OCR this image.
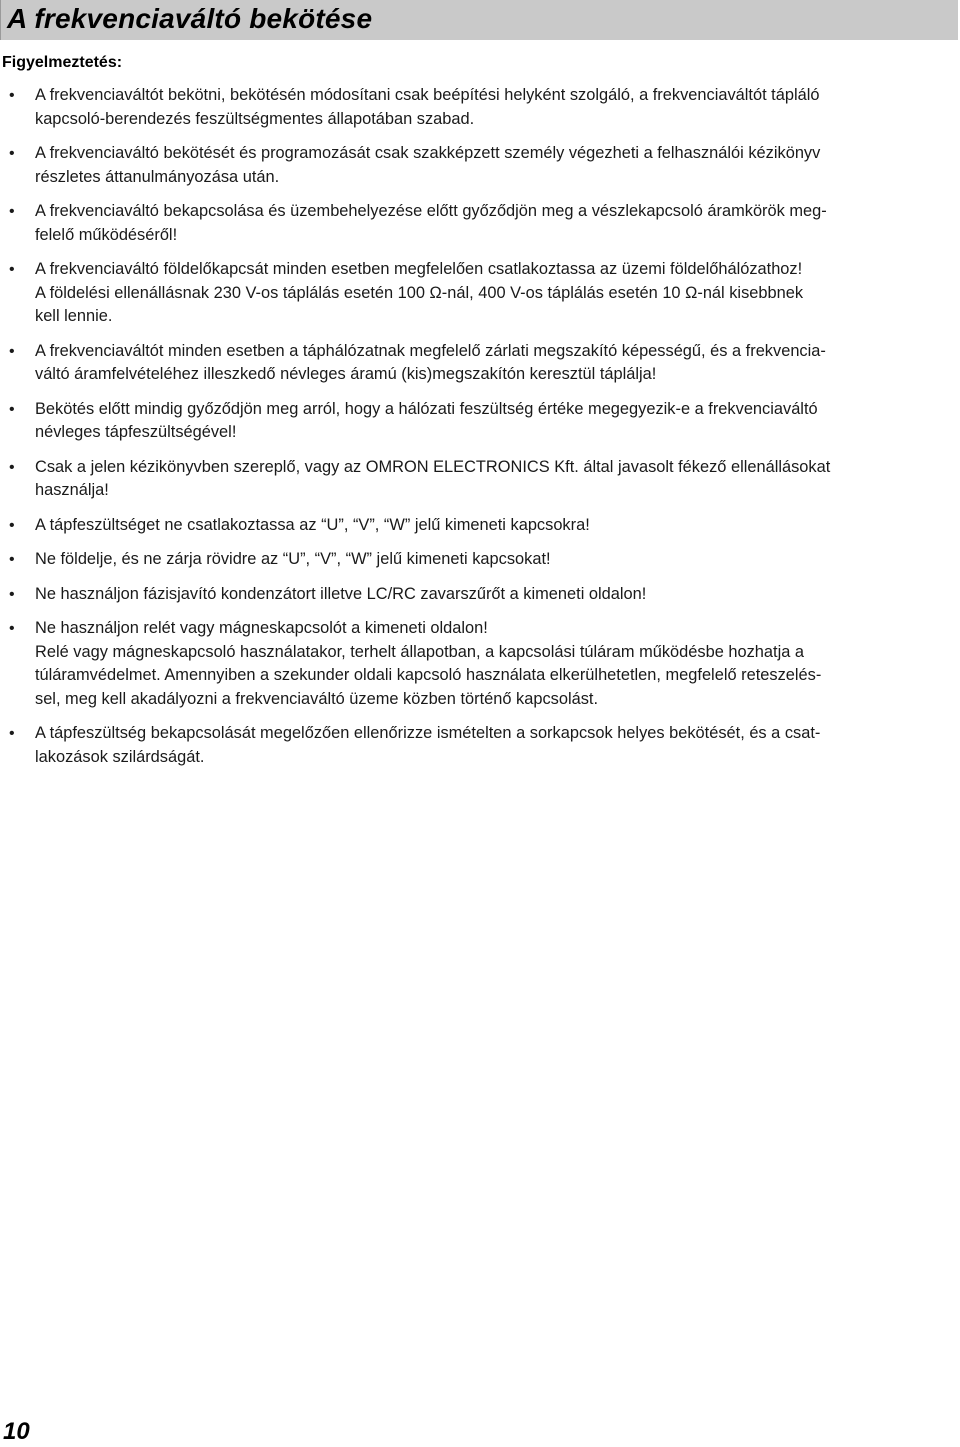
A frekvenciaváltó bekötése
Figyelmeztetés:
• A frekvenciaváltót bekötni, bekötésén módosítani csak beépítési helyként szolgáló, a frekvenciaváltót tápláló
kapcsoló-berendezés feszültségmentes állapotában szabad.
• A frekvenciaváltó bekötését és programozását csak szakképzett személy végezheti a felhasználói kézikönyv
részletes áttanulmányozása után.
• A frekvenciaváltó bekapcsolása és üzembehelyezése előtt győződjön meg a vészlekapcsoló áramkörök meg-
felelő működéséről!
• A frekvenciaváltó földelőkapcsát minden esetben megfelelően csatlakoztassa az üzemi földelőhálózathoz!
A földelési ellenállásnak 230 V-os táplálás esetén 100 Ω-nál, 400 V-os táplálás esetén 10 Ω-nál kisebbnek
kell lennie.
• A frekvenciaváltót minden esetben a táphálózatnak megfelelő zárlati megszakító képességű, és a frekvencia-
váltó áramfelvételéhez illeszkedő névleges áramú (kis)megszakítón keresztül táplálja!
• Bekötés előtt mindig győződjön meg arról, hogy a hálózati feszültség értéke megegyezik-e a frekvenciaváltó
névleges tápfeszültségével!
• Csak a jelen kézikönyvben szereplő, vagy az OMRON ELECTRONICS Kft. által javasolt fékező ellenállásokat
használja!
• A tápfeszültséget ne csatlakoztassa az “U”, “V”, “W” jelű kimeneti kapcsokra!
• Ne földelje, és ne zárja rövidre az “U”, “V”, “W” jelű kimeneti kapcsokat!
• Ne használjon fázisjavító kondenzátort illetve LC/RC zavarszűrőt a kimeneti oldalon!
• Ne használjon relét vagy mágneskapcsolót a kimeneti oldalon!
Relé vagy mágneskapcsoló használatakor, terhelt állapotban, a kapcsolási túláram működésbe hozhatja a
túláramvédelmet. Amennyiben a szekunder oldali kapcsoló használata elkerülhetetlen, megfelelő reteszelés-
sel, meg kell akadályozni a frekvenciaváltó üzeme közben történő kapcsolást.
• A tápfeszültség bekapcsolását megelőzően ellenőrizze ismételten a sorkapcsok helyes bekötését, és a csat-
lakozások szilárdságát.
10
